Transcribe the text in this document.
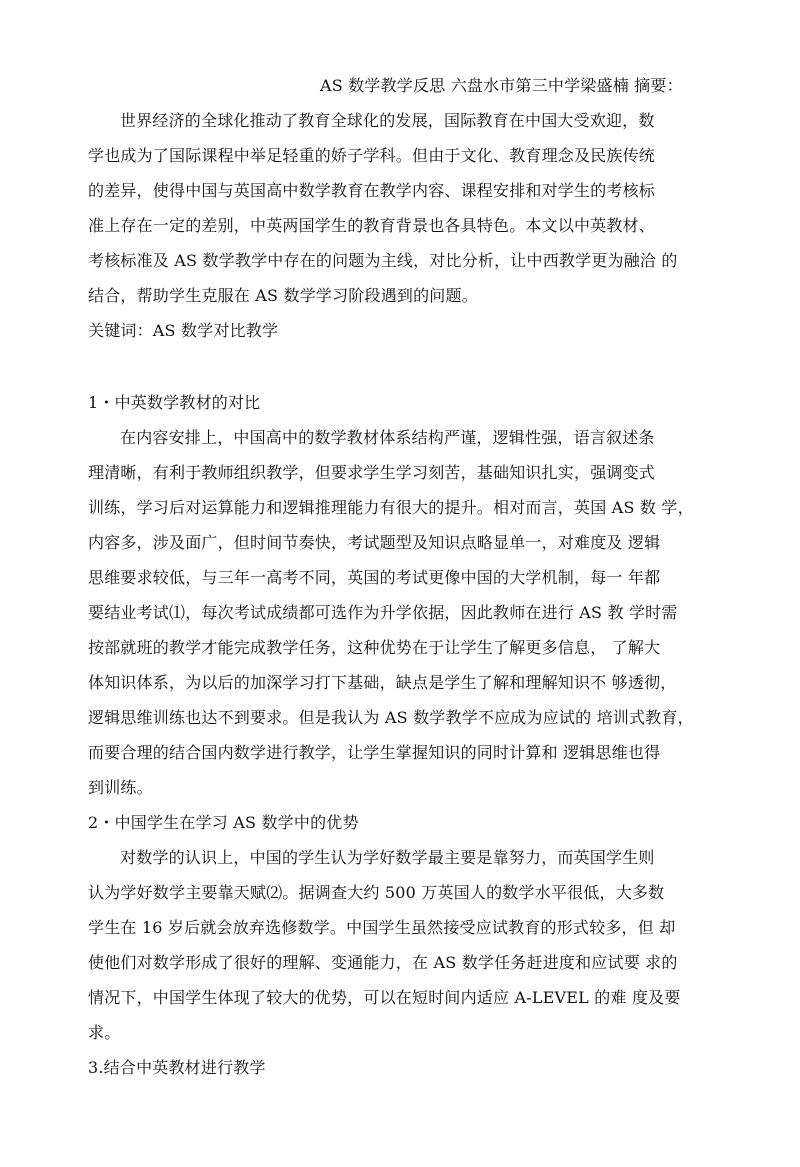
AS 数学教学反思 六盘水市第三中学梁盛楠 摘要：
世界经济的全球化推动了教育全球化的发展，国际教育在中国大受欢迎，数
学也成为了国际课程中举足轻重的娇子学科。但由于文化、教育理念及民族传统
的差异，使得中国与英国高中数学教育在教学内容、课程安排和对学生的考核标
准上存在一定的差别，中英两国学生的教育背景也各具特色。本文以中英教材、
考核标准及 AS 数学教学中存在的问题为主线，对比分析，让中西教学更为融洽 的
结合，帮助学生克服在 AS 数学学习阶段遇到的问题。
关键词：AS 数学对比教学
1・中英数学教材的对比
在内容安排上，中国高中的数学教材体系结构严谨，逻辑性强，语言叙述条
理清晰，有利于教师组织教学，但要求学生学习刻苦，基础知识扎实，强调变式
训练，学习后对运算能力和逻辑推理能力有很大的提升。相对而言，英国 AS 数 学，
内容多，涉及面广，但时间节奏快，考试题型及知识点略显单一，对难度及 逻辑
思维要求较低，与三年一高考不同，英国的考试更像中国的大学机制，每一 年都
要结业考试⑴，每次考试成绩都可选作为升学依据，因此教师在进行 AS 教 学时需
按部就班的教学才能完成教学任务，这种优势在于让学生了解更多信息， 了解大
体知识体系，为以后的加深学习打下基础，缺点是学生了解和理解知识不 够透彻，
逻辑思维训练也达不到要求。但是我认为 AS 数学教学不应成为应试的 培训式教育，
而要合理的结合国内数学进行教学，让学生掌握知识的同时计算和 逻辑思维也得
到训练。
2・中国学生在学习 AS 数学中的优势
对数学的认识上，中国的学生认为学好数学最主要是靠努力，而英国学生则
认为学好数学主要靠天赋⑵。据调查大约 500 万英国人的数学水平很低，大多数
学生在 16 岁后就会放弃选修数学。中国学生虽然接受应试教育的形式较多，但 却
使他们对数学形成了很好的理解、变通能力，在 AS 数学任务赶进度和应试要 求的
情况下，中国学生体现了较大的优势，可以在短时间内适应 A-LEVEL 的难 度及要
求。
3.结合中英教材进行教学
